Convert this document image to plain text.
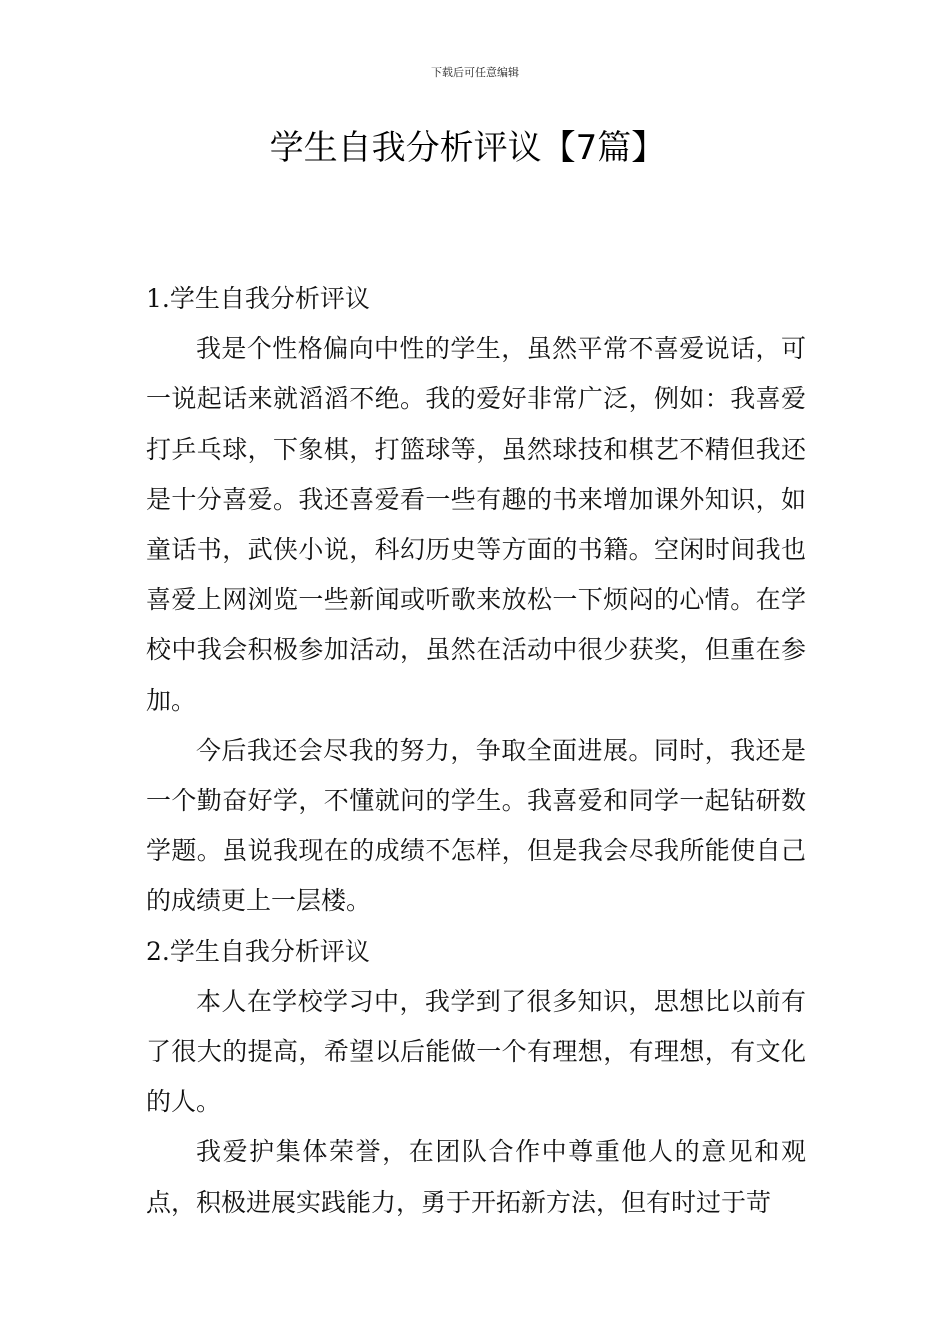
下载后可任意编辑
学生自我分析评议【7篇】
1.学生自我分析评议

我是个性格偏向中性的学生，虽然平常不喜爱说话，可一说起话来就滔滔不绝。我的爱好非常广泛，例如：我喜爱打乒乓球，下象棋，打篮球等，虽然球技和棋艺不精但我还是十分喜爱。我还喜爱看一些有趣的书来增加课外知识，如童话书，武侠小说，科幻历史等方面的书籍。空闲时间我也喜爱上网浏览一些新闻或听歌来放松一下烦闷的心情。在学校中我会积极参加活动，虽然在活动中很少获奖，但重在参加。

今后我还会尽我的努力，争取全面进展。同时，我还是一个勤奋好学，不懂就问的学生。我喜爱和同学一起钻研数学题。虽说我现在的成绩不怎样，但是我会尽我所能使自己的成绩更上一层楼。

2.学生自我分析评议

本人在学校学习中，我学到了很多知识，思想比以前有了很大的提高，希望以后能做一个有理想，有理想，有文化的人。

我爱护集体荣誉，在团队合作中尊重他人的意见和观点，积极进展实践能力，勇于开拓新方法，但有时过于苛
